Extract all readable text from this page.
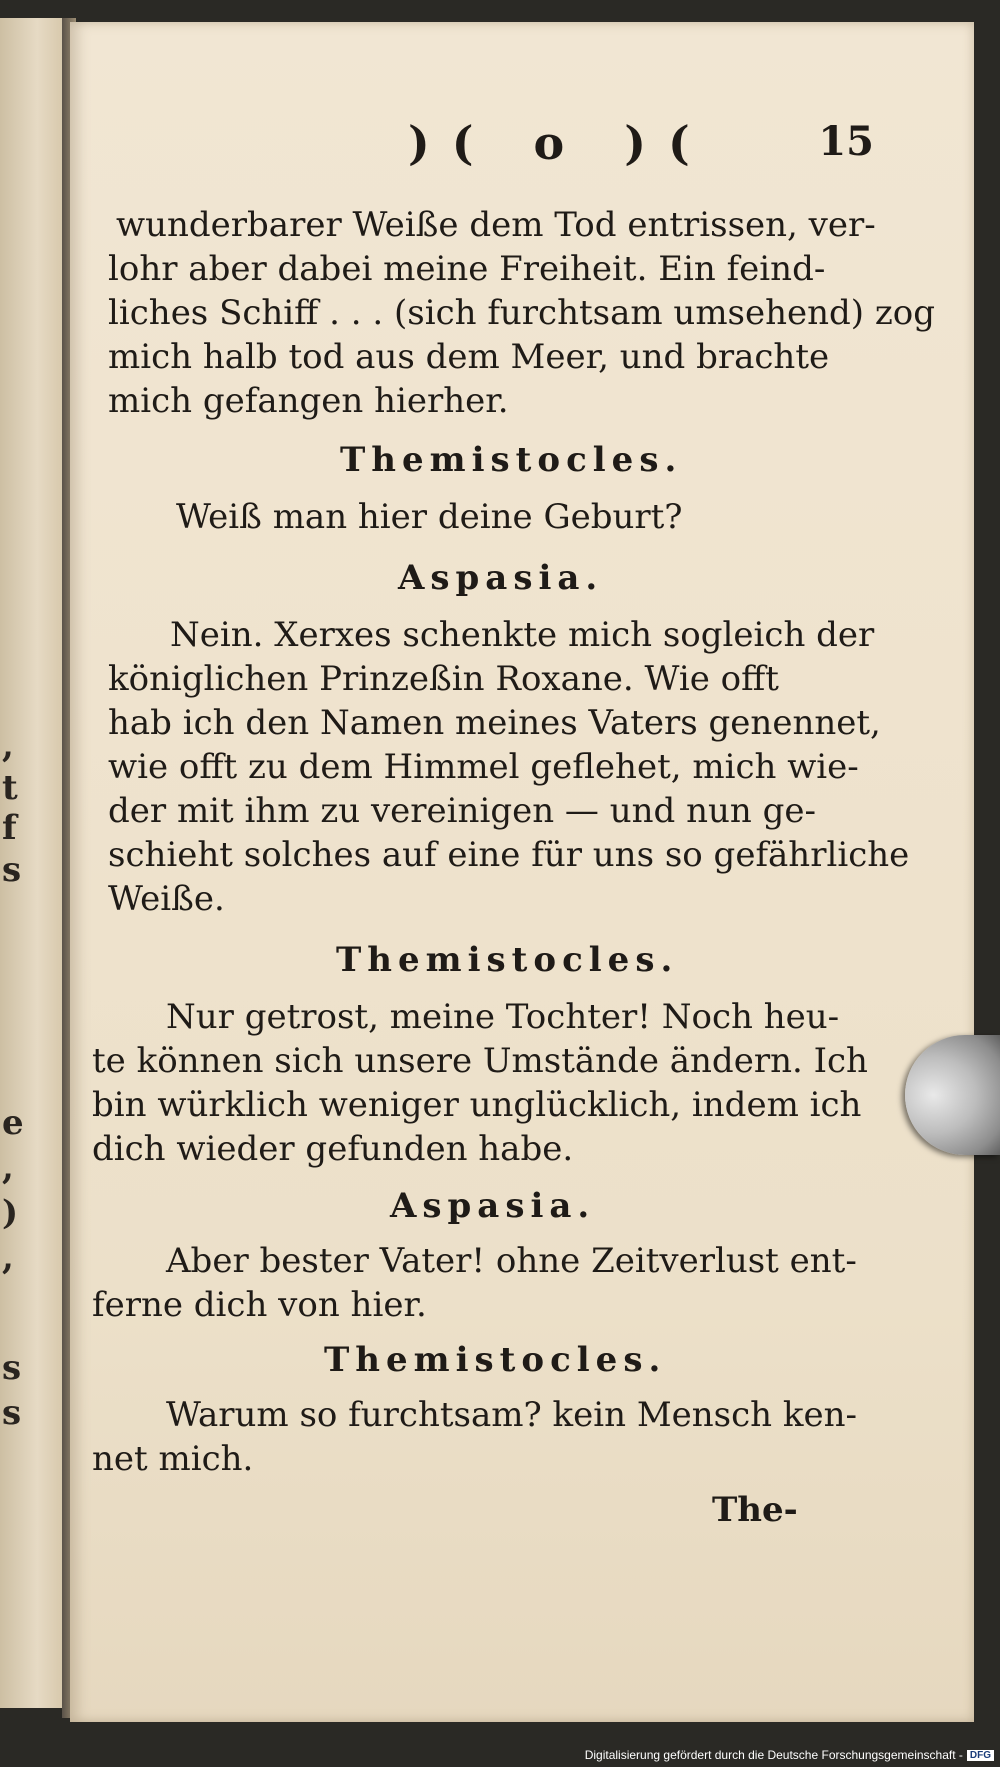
,
t
f
s
e
,
)
,
s
s
)( o )(	15
wunderbarer Weiße dem Tod entrissen, ver-
lohr aber dabei meine Freiheit. Ein feind-
liches Schiff . . . (sich furchtsam umsehend) zog
mich halb tod aus dem Meer, und brachte
mich gefangen hierher.
Themistocles.
Weiß man hier deine Geburt?
Aspasia.
Nein. Xerxes schenkte mich sogleich der
königlichen Prinzeßin Roxane. Wie offt
hab ich den Namen meines Vaters genennet,
wie offt zu dem Himmel geflehet, mich wie-
der mit ihm zu vereinigen — und nun ge-
schieht solches auf eine für uns so gefährliche
Weiße.
Themistocles.
Nur getrost, meine Tochter! Noch heu-
te können sich unsere Umstände ändern. Ich
bin würklich weniger unglücklich, indem ich
dich wieder gefunden habe.
Aspasia.
Aber bester Vater! ohne Zeitverlust ent-
ferne dich von hier.
Themistocles.
Warum so furchtsam? kein Mensch ken-
net mich.
The-
Digitalisierung gefördert durch die Deutsche Forschungsgemeinschaft - DFG
